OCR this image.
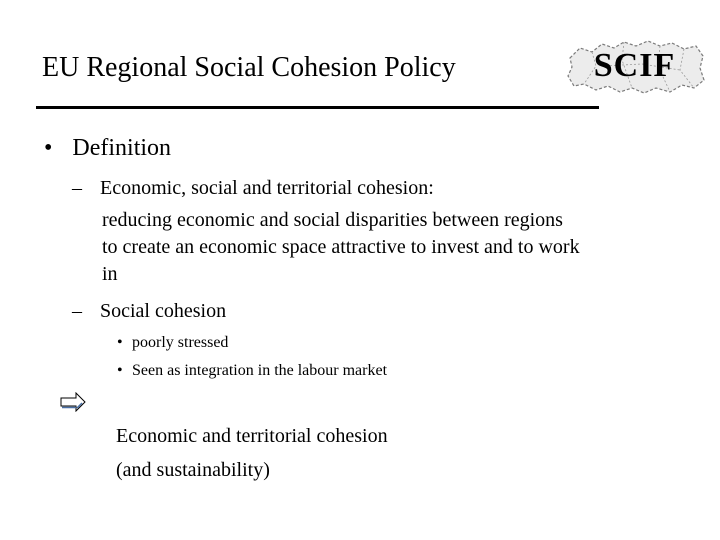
EU Regional Social Cohesion Policy	SCIF
• Definition
– Economic, social and territorial cohesion:
reducing economic and social disparities between regions
to create an economic space attractive to invest and to work
in
– Social cohesion
• poorly stressed
• Seen as integration in the labour market
Economic and territorial cohesion
(and sustainability)
